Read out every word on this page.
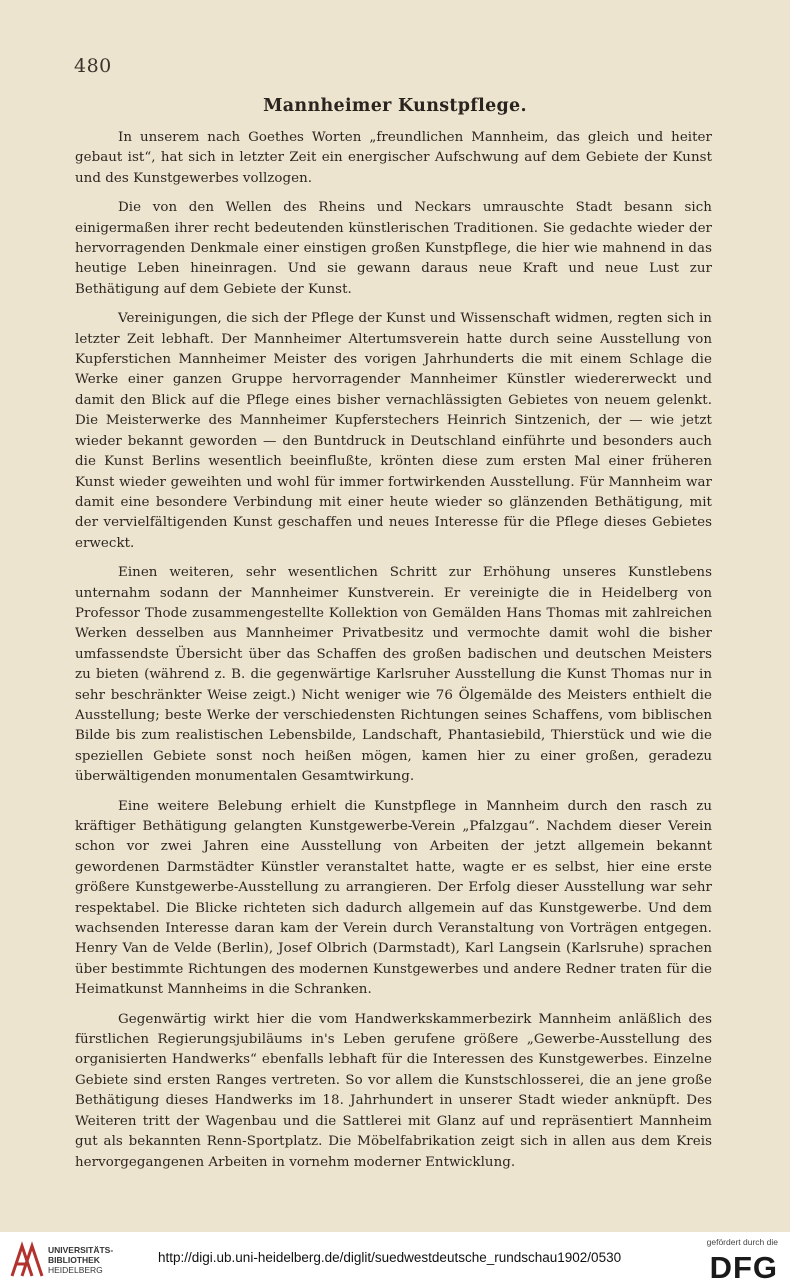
480
Mannheimer Kunstpflege.

In unserem nach Goethes Worten „freundlichen Mannheim, das gleich und heiter gebaut ist“, hat sich in letzter Zeit ein energischer Aufschwung auf dem Gebiete der Kunst und des Kunstgewerbes vollzogen.

Die von den Wellen des Rheins und Neckars umrauschte Stadt besann sich einigermaßen ihrer recht bedeutenden künstlerischen Traditionen. Sie gedachte wieder der hervorragenden Denkmale einer einstigen großen Kunstpflege, die hier wie mahnend in das heutige Leben hineinragen. Und sie gewann daraus neue Kraft und neue Lust zur Bethätigung auf dem Gebiete der Kunst.

Vereinigungen, die sich der Pflege der Kunst und Wissenschaft widmen, regten sich in letzter Zeit lebhaft. Der Mannheimer Altertumsverein hatte durch seine Ausstellung von Kupferstichen Mannheimer Meister des vorigen Jahrhunderts die mit einem Schlage die Werke einer ganzen Gruppe hervorragender Mannheimer Künstler wiedererweckt und damit den Blick auf die Pflege eines bisher vernachlässigten Gebietes von neuem gelenkt. Die Meisterwerke des Mannheimer Kupferstechers Heinrich Sintzenich, der — wie jetzt wieder bekannt geworden — den Buntdruck in Deutschland einführte und besonders auch die Kunst Berlins wesentlich beeinflußte, krönten diese zum ersten Mal einer früheren Kunst wieder geweihten und wohl für immer fortwirkenden Ausstellung. Für Mannheim war damit eine besondere Verbindung mit einer heute wieder so glänzenden Bethätigung, mit der vervielfältigenden Kunst geschaffen und neues Interesse für die Pflege dieses Gebietes erweckt.

Einen weiteren, sehr wesentlichen Schritt zur Erhöhung unseres Kunstlebens unternahm sodann der Mannheimer Kunstverein. Er vereinigte die in Heidelberg von Professor Thode zusammengestellte Kollektion von Gemälden Hans Thomas mit zahlreichen Werken desselben aus Mannheimer Privatbesitz und vermochte damit wohl die bisher umfassendste Übersicht über das Schaffen des großen badischen und deutschen Meisters zu bieten (während z. B. die gegenwärtige Karlsruher Ausstellung die Kunst Thomas nur in sehr beschränkter Weise zeigt.) Nicht weniger wie 76 Ölgemälde des Meisters enthielt die Ausstellung; beste Werke der verschiedensten Richtungen seines Schaffens, vom biblischen Bilde bis zum realistischen Lebensbilde, Landschaft, Phantasiebild, Thierstück und wie die speziellen Gebiete sonst noch heißen mögen, kamen hier zu einer großen, geradezu überwältigenden monumentalen Gesamtwirkung.

Eine weitere Belebung erhielt die Kunstpflege in Mannheim durch den rasch zu kräftiger Bethätigung gelangten Kunstgewerbe-Verein „Pfalzgau“. Nachdem dieser Verein schon vor zwei Jahren eine Ausstellung von Arbeiten der jetzt allgemein bekannt gewordenen Darmstädter Künstler veranstaltet hatte, wagte er es selbst, hier eine erste größere Kunstgewerbe-Ausstellung zu arrangieren. Der Erfolg dieser Ausstellung war sehr respektabel. Die Blicke richteten sich dadurch allgemein auf das Kunstgewerbe. Und dem wachsenden Interesse daran kam der Verein durch Veranstaltung von Vorträgen entgegen. Henry Van de Velde (Berlin), Josef Olbrich (Darmstadt), Karl Langsein (Karlsruhe) sprachen über bestimmte Richtungen des modernen Kunstgewerbes und andere Redner traten für die Heimatkunst Mannheims in die Schranken.

Gegenwärtig wirkt hier die vom Handwerkskammerbezirk Mannheim anläßlich des fürstlichen Regierungsjubiläums in's Leben gerufene größere „Gewerbe-Ausstellung des organisierten Handwerks“ ebenfalls lebhaft für die Interessen des Kunstgewerbes. Einzelne Gebiete sind ersten Ranges vertreten. So vor allem die Kunstschlosserei, die an jene große Bethätigung dieses Handwerks im 18. Jahrhundert in unserer Stadt wieder anknüpft. Des Weiteren tritt der Wagenbau und die Sattlerei mit Glanz auf und repräsentiert Mannheim gut als bekannten Renn-Sportplatz. Die Möbelfabrikation zeigt sich in allen aus dem Kreis hervorgegangenen Arbeiten in vornehm moderner Entwicklung.

UNIVERSITÄTS-
BIBLIOTHEK
HEIDELBERG
http://digi.ub.uni-heidelberg.de/diglit/suedwestdeutsche_rundschau1902/0530
gefördert durch die
DFG
